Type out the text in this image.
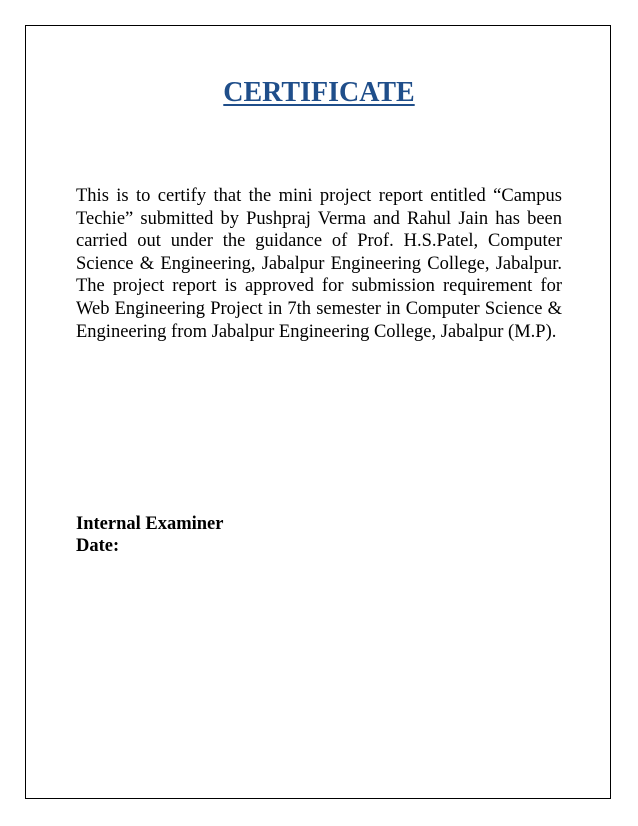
CERTIFICATE

This is to certify that the mini project report entitled “Campus Techie” submitted by Pushpraj Verma and Rahul Jain has been carried out under the guidance of Prof. H.S.Patel, Computer Science & Engineering, Jabalpur Engineering College, Jabalpur. The project report is approved for submission requirement for Web Engineering Project in 7th semester in Computer Science & Engineering from Jabalpur Engineering College, Jabalpur (M.P).

Internal Examiner
Date:
